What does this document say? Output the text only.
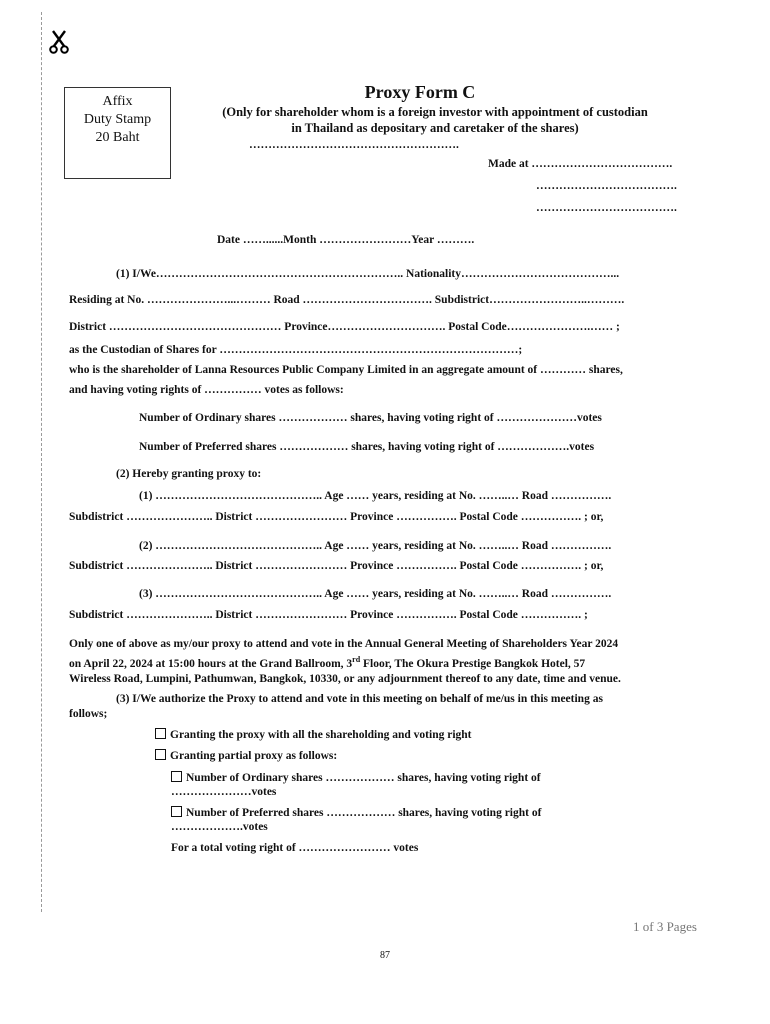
Affix
Duty Stamp
20 Baht
Proxy Form C
(Only for shareholder whom is a foreign investor with appointment of custodian
in Thailand as depositary and caretaker of the shares)
……………………………………………….
Made at ……………………………….
……………………………….
……………………………….
Date ……......Month ……………………Year ……….
(1) I/We……………………………………………………….. Nationality…………………………………...
Residing at No. …………………...……… Road ……………………………. Subdistrict……………………..……….
District ……………………………………… Province…………………………. Postal Code………………….…… ;
as the Custodian of Shares for ……………………………………………………………………;
who is the shareholder of Lanna Resources Public Company Limited in an aggregate amount of ………… shares,
and having voting rights of …………… votes as follows:
Number of Ordinary shares ……………… shares, having voting right of …………………votes
Number of Preferred shares ……………… shares, having voting right of ……………….votes
(2) Hereby granting proxy to:
(1) …………………………………….. Age …… years, residing at No. ……..… Road …………….
Subdistrict ………………….. District …………………… Province ……………. Postal Code ……………. ; or,
(2) …………………………………….. Age …… years, residing at No. ……..… Road …………….
Subdistrict ………………….. District …………………… Province ……………. Postal Code ……………. ; or,
(3) …………………………………….. Age …… years, residing at No. ……..… Road …………….
Subdistrict ………………….. District …………………… Province ……………. Postal Code ……………. ;
Only one of above as my/our proxy to attend and vote in the Annual General Meeting of Shareholders Year 2024
on April 22, 2024 at 15:00 hours at the Grand Ballroom, 3rd Floor, The Okura Prestige Bangkok Hotel, 57
Wireless Road, Lumpini, Pathumwan, Bangkok, 10330, or any adjournment thereof to any date, time and venue.
(3) I/We authorize the Proxy to attend and vote in this meeting on behalf of me/us in this meeting as
follows;
Granting the proxy with all the shareholding and voting right
Granting partial proxy as follows:
Number of Ordinary shares ……………… shares, having voting right of
…………………votes
Number of Preferred shares ……………… shares, having voting right of
……………….votes
For a total voting right of …………………… votes
1 of 3 Pages
87
